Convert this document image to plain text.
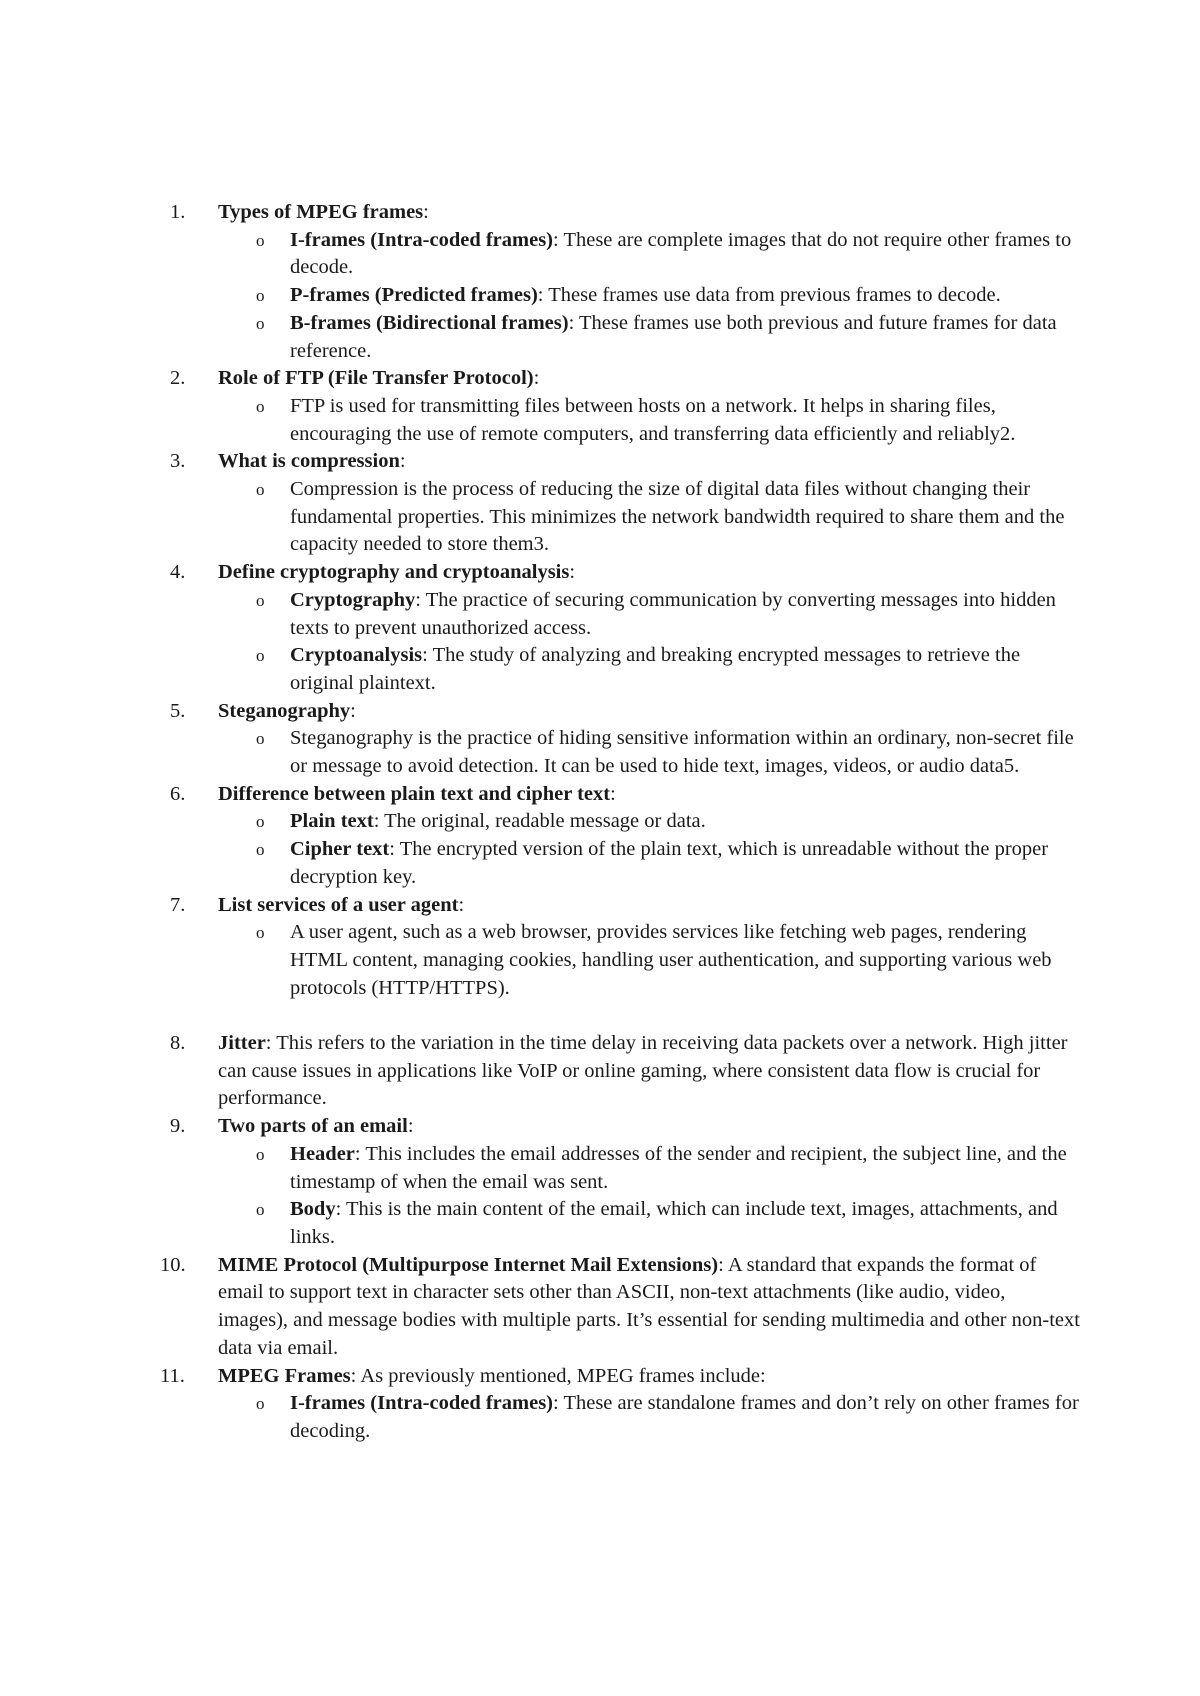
1.	Types of MPEG frames:
o I-frames (Intra-coded frames): These are complete images that do not require other frames to decode.
o P-frames (Predicted frames): These frames use data from previous frames to decode.
o B-frames (Bidirectional frames): These frames use both previous and future frames for data reference.
2.	Role of FTP (File Transfer Protocol):
o FTP is used for transmitting files between hosts on a network. It helps in sharing files, encouraging the use of remote computers, and transferring data efficiently and reliably2.
3.	What is compression:
o Compression is the process of reducing the size of digital data files without changing their fundamental properties. This minimizes the network bandwidth required to share them and the capacity needed to store them3.
4.	Define cryptography and cryptoanalysis:
o Cryptography: The practice of securing communication by converting messages into hidden texts to prevent unauthorized access.
o Cryptoanalysis: The study of analyzing and breaking encrypted messages to retrieve the original plaintext.
5.	Steganography:
o Steganography is the practice of hiding sensitive information within an ordinary, non-secret file or message to avoid detection. It can be used to hide text, images, videos, or audio data5.
6.	Difference between plain text and cipher text:
o Plain text: The original, readable message or data.
o Cipher text: The encrypted version of the plain text, which is unreadable without the proper decryption key.
7.	List services of a user agent:
o A user agent, such as a web browser, provides services like fetching web pages, rendering HTML content, managing cookies, handling user authentication, and supporting various web protocols (HTTP/HTTPS).
8.	Jitter: This refers to the variation in the time delay in receiving data packets over a network. High jitter can cause issues in applications like VoIP or online gaming, where consistent data flow is crucial for performance.
9.	Two parts of an email:
o Header: This includes the email addresses of the sender and recipient, the subject line, and the timestamp of when the email was sent.
o Body: This is the main content of the email, which can include text, images, attachments, and links.
10.	MIME Protocol (Multipurpose Internet Mail Extensions): A standard that expands the format of email to support text in character sets other than ASCII, non-text attachments (like audio, video, images), and message bodies with multiple parts. It’s essential for sending multimedia and other non-text data via email.
11.	MPEG Frames: As previously mentioned, MPEG frames include:
o I-frames (Intra-coded frames): These are standalone frames and don’t rely on other frames for decoding.
